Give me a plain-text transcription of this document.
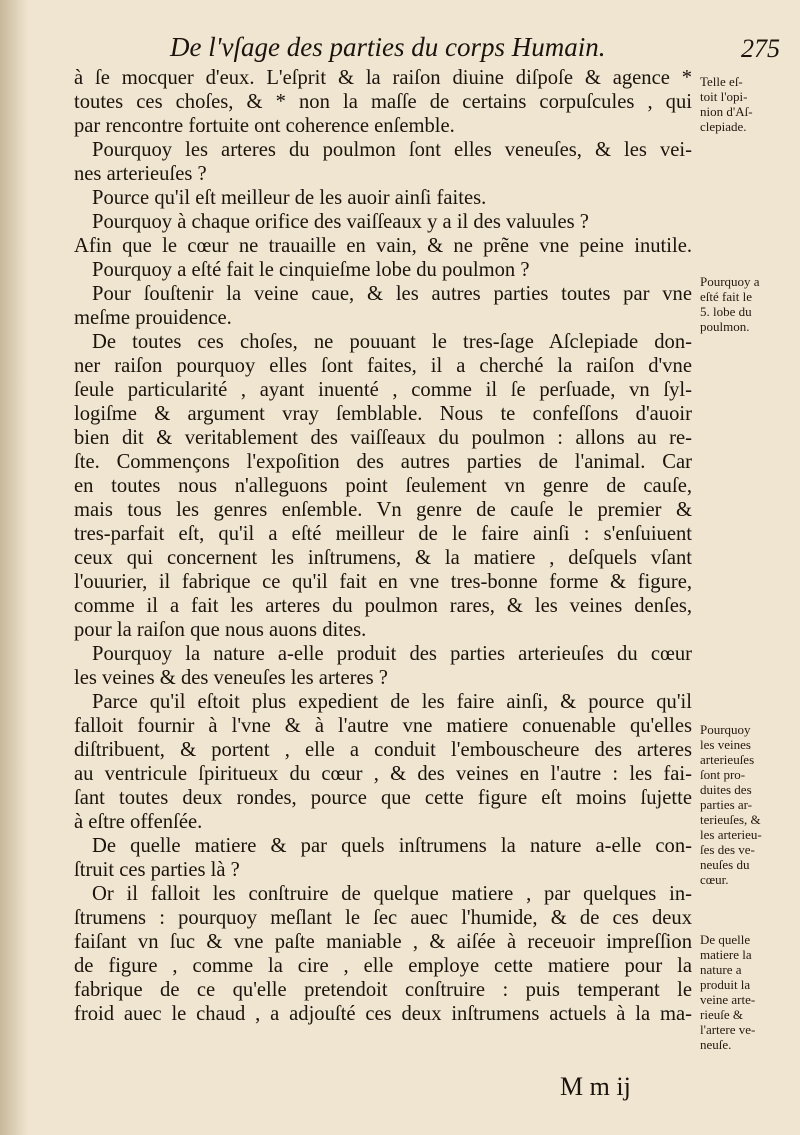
De l'vſage des parties du corps Humain.	275
à ſe mocquer d'eux. L'eſprit & la raiſon diuine diſpoſe & agence *
toutes ces choſes, & * non la maſſe de certains corpuſcules , qui
par rencontre fortuite ont coherence enſemble.
Pourquoy les arteres du poulmon ſont elles veneuſes, & les vei-
nes arterieuſes ?
Pource qu'il eſt meilleur de les auoir ainſi faites.
Pourquoy à chaque orifice des vaiſſeaux y a il des valuules ?
Afin que le cœur ne trauaille en vain, & ne prẽne vne peine inutile.
Pourquoy a eſté fait le cinquieſme lobe du poulmon ?
Pour ſouſtenir la veine caue, & les autres parties toutes par vne
meſme prouidence.
De toutes ces choſes, ne pouuant le tres-ſage Aſclepiade don-
ner raiſon pourquoy elles ſont faites, il a cherché la raiſon d'vne
ſeule particularité , ayant inuenté , comme il ſe perſuade, vn ſyl-
logiſme & argument vray ſemblable. Nous te confeſſons d'auoir
bien dit & veritablement des vaiſſeaux du poulmon : allons au re-
ſte. Commençons l'expoſition des autres parties de l'animal. Car
en toutes nous n'alleguons point ſeulement vn genre de cauſe,
mais tous les genres enſemble. Vn genre de cauſe le premier &
tres-parfait eſt, qu'il a eſté meilleur de le faire ainſi : s'enſuiuent
ceux qui concernent les inſtrumens, & la matiere , deſquels vſant
l'ouurier, il fabrique ce qu'il fait en vne tres-bonne forme & figure,
comme il a fait les arteres du poulmon rares, & les veines denſes,
pour la raiſon que nous auons dites.
Pourquoy la nature a-elle produit des parties arterieuſes du cœur
les veines & des veneuſes les arteres ?
Parce qu'il eſtoit plus expedient de les faire ainſi, & pource qu'il
falloit fournir à l'vne & à l'autre vne matiere conuenable qu'elles
diſtribuent, & portent , elle a conduit l'embouscheure des arteres
au ventricule ſpiritueux du cœur , & des veines en l'autre : les fai-
ſant toutes deux rondes, pource que cette figure eſt moins ſujette
à eſtre offenſée.
De quelle matiere & par quels inſtrumens la nature a-elle con-
ſtruit ces parties là ?
Or il falloit les conſtruire de quelque matiere , par quelques in-
ſtrumens : pourquoy meſlant le ſec auec l'humide, & de ces deux
faiſant vn ſuc & vne paſte maniable , & aiſée à receuoir impreſſion
de figure , comme la cire , elle employe cette matiere pour la
fabrique de ce qu'elle pretendoit conſtruire : puis temperant le
froid auec le chaud , a adjouſté ces deux inſtrumens actuels à la ma-
Telle eſ-
toit l'opi-
nion d'Aſ-
clepiade.
Pourquoy a
eſté fait le
5. lobe du
poulmon.
Pourquoy
les veines
arterieuſes
ſont pro-
duites des
parties ar-
terieuſes, &
les arterieu-
ſes des ve-
neuſes du
cœur.
De quelle
matiere la
nature a
produit la
veine arte-
rieuſe &
l'artere ve-
neuſe.
M m ij
